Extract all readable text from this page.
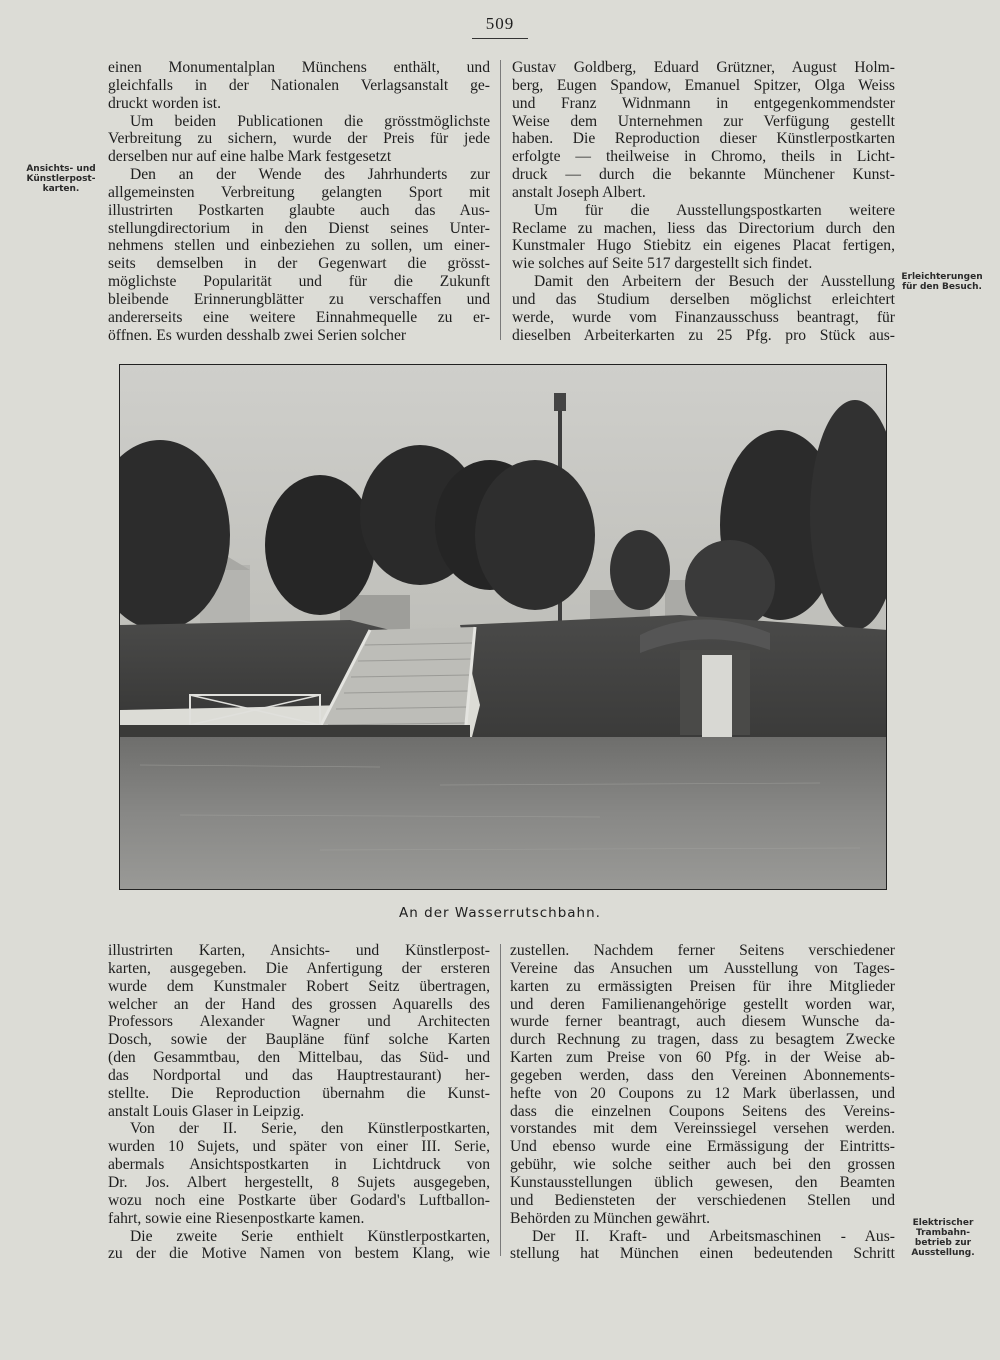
509
Ansichts- und
Künstlerpost-
karten.
Erleichterungen
für den Besuch.
Elektrischer
Trambahn-
betrieb zur
Ausstellung.
einen Monumentalplan Münchens enthält, und
gleichfalls in der Nationalen Verlagsanstalt ge-
druckt worden ist.
Um beiden Publicationen die grösstmöglichste
Verbreitung zu sichern, wurde der Preis für jede
derselben nur auf eine halbe Mark festgesetzt
Den an der Wende des Jahrhunderts zur
allgemeinsten Verbreitung gelangten Sport mit
illustrirten Postkarten glaubte auch das Aus-
stellungdirectorium in den Dienst seines Unter-
nehmens stellen und einbeziehen zu sollen, um einer-
seits demselben in der Gegenwart die grösst-
möglichste Popularität und für die Zukunft
bleibende Erinnerungblätter zu verschaffen und
andererseits eine weitere Einnahmequelle zu er-
öffnen. Es wurden desshalb zwei Serien solcher
Gustav Goldberg, Eduard Grützner, August Holm-
berg, Eugen Spandow, Emanuel Spitzer, Olga Weiss
und Franz Widnmann in entgegenkommendster
Weise dem Unternehmen zur Verfügung gestellt
haben. Die Reproduction dieser Künstlerpostkarten
erfolgte — theilweise in Chromo, theils in Licht-
druck — durch die bekannte Münchener Kunst-
anstalt Joseph Albert.
Um für die Ausstellungspostkarten weitere
Reclame zu machen, liess das Directorium durch den
Kunstmaler Hugo Stiebitz ein eigenes Placat fertigen,
wie solches auf Seite 517 dargestellt sich findet.
Damit den Arbeitern der Besuch der Ausstellung
und das Studium derselben möglichst erleichtert
werde, wurde vom Finanzausschuss beantragt, für
dieselben Arbeiterkarten zu 25 Pfg. pro Stück aus-
An der Wasserrutschbahn.
illustrirten Karten, Ansichts- und Künstlerpost-
karten, ausgegeben. Die Anfertigung der ersteren
wurde dem Kunstmaler Robert Seitz übertragen,
welcher an der Hand des grossen Aquarells des
Professors Alexander Wagner und Architecten
Dosch, sowie der Baupläne fünf solche Karten
(den Gesammtbau, den Mittelbau, das Süd- und
das Nordportal und das Hauptrestaurant) her-
stellte. Die Reproduction übernahm die Kunst-
anstalt Louis Glaser in Leipzig.
Von der II. Serie, den Künstlerpostkarten,
wurden 10 Sujets, und später von einer III. Serie,
abermals Ansichtspostkarten in Lichtdruck von
Dr. Jos. Albert hergestellt, 8 Sujets ausgegeben,
wozu noch eine Postkarte über Godard's Luftballon-
fahrt, sowie eine Riesenpostkarte kamen.
Die zweite Serie enthielt Künstlerpostkarten,
zu der die Motive Namen von bestem Klang, wie
zustellen. Nachdem ferner Seitens verschiedener
Vereine das Ansuchen um Ausstellung von Tages-
karten zu ermässigten Preisen für ihre Mitglieder
und deren Familienangehörige gestellt worden war,
wurde ferner beantragt, auch diesem Wunsche da-
durch Rechnung zu tragen, dass zu besagtem Zwecke
Karten zum Preise von 60 Pfg. in der Weise ab-
gegeben werden, dass den Vereinen Abonnements-
hefte von 20 Coupons zu 12 Mark überlassen, und
dass die einzelnen Coupons Seitens des Vereins-
vorstandes mit dem Vereinssiegel versehen werden.
Und ebenso wurde eine Ermässigung der Eintritts-
gebühr, wie solche seither auch bei den grossen
Kunstausstellungen üblich gewesen, den Beamten
und Bediensteten der verschiedenen Stellen und
Behörden zu München gewährt.
Der II. Kraft- und Arbeitsmaschinen - Aus-
stellung hat München einen bedeutenden Schritt
